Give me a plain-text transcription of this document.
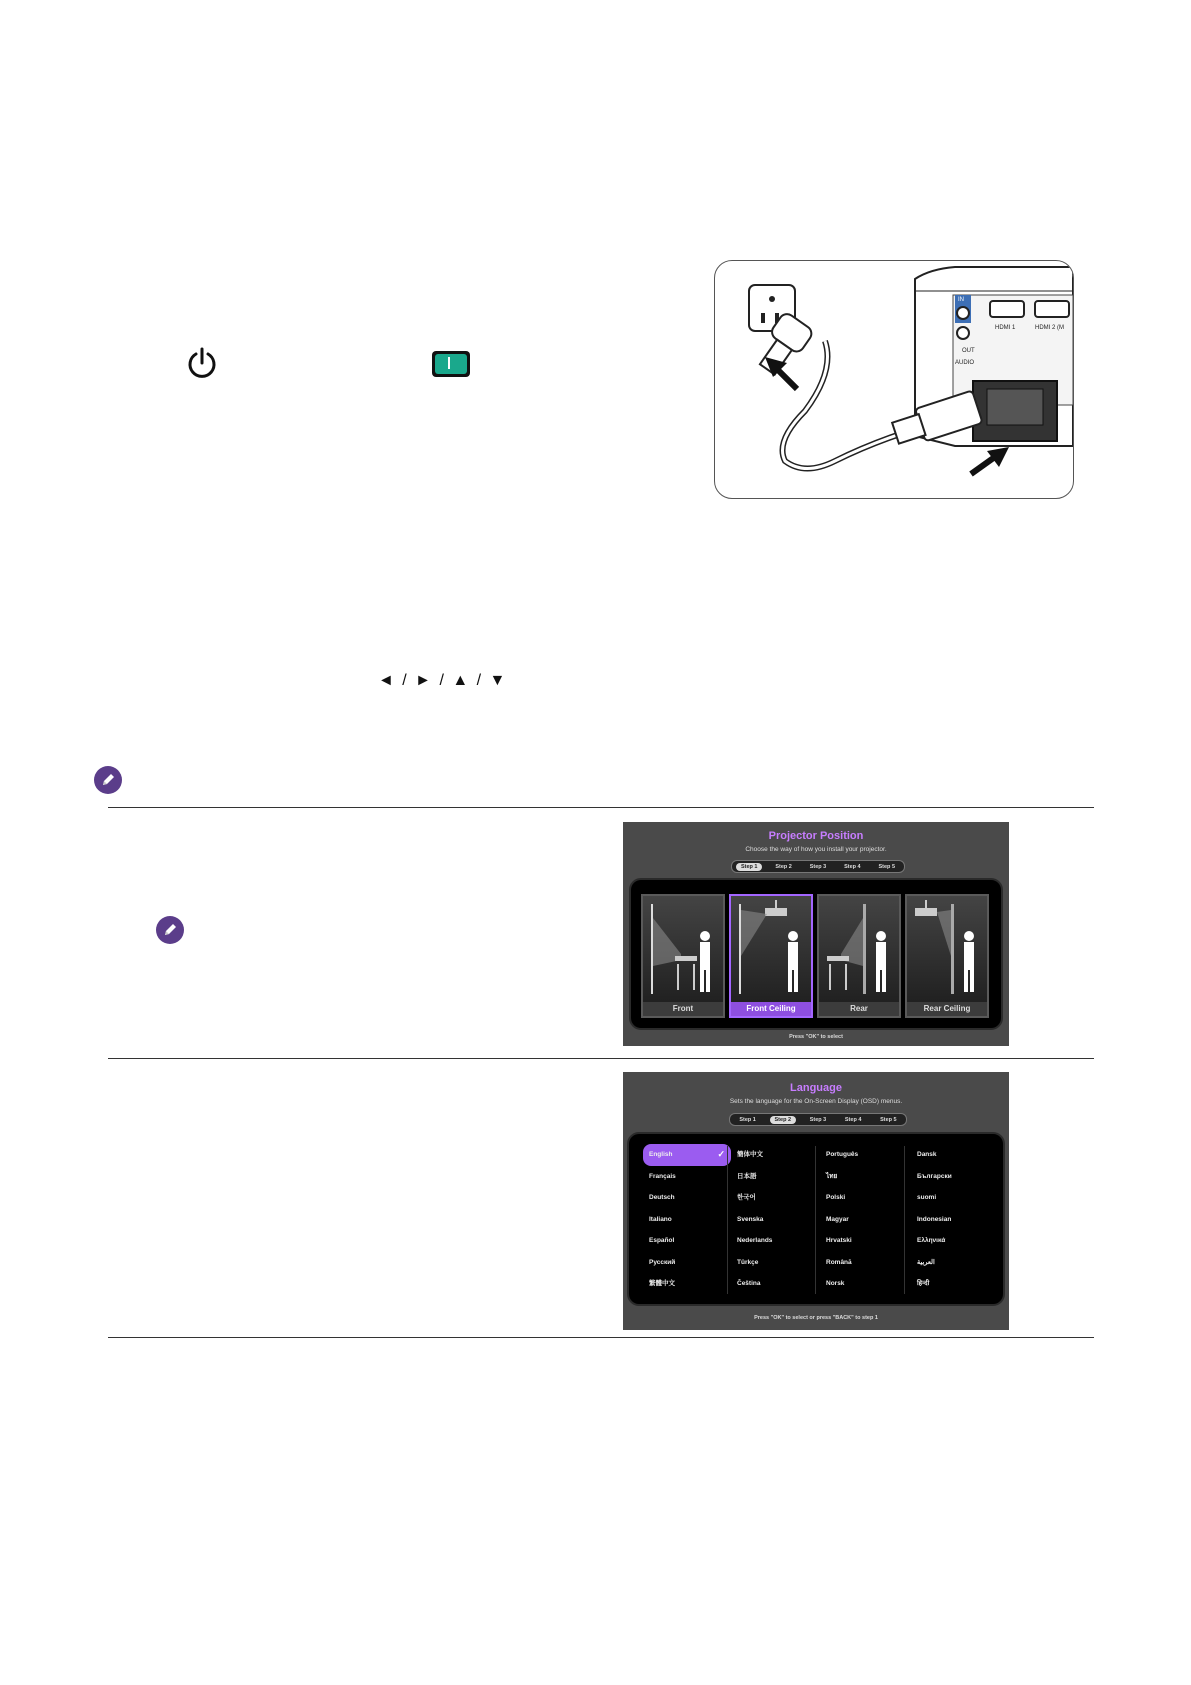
IN
OUT
AUDIO
HDMI 1	HDMI 2 (M
◄ / ► / ▲ / ▼
Projector Position
Choose the way of how you install your projector.
Step 1	Step 2	Step 3	Step 4	Step 5
Front	Front Ceiling	Rear	Rear Ceiling
Press "OK" to select
Language
Sets the language for the On-Screen Display (OSD) menus.
Step 1	Step 2	Step 3	Step 4	Step 5
English	✓
Français
Deutsch
Italiano
Español
Русский
繁體中文
簡体中文
日本語
한국어
Svenska
Nederlands
Türkçe
Čeština
Português
ไทย
Polski
Magyar
Hrvatski
Română
Norsk
Dansk
Български
suomi
Indonesian
Ελληνικά
العربية
हिन्दी
Press "OK" to select or press "BACK" to step 1
